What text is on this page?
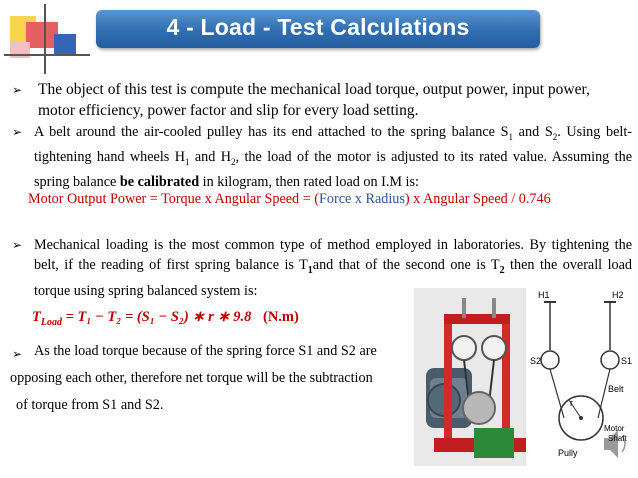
4 - Load - Test Calculations
➢ The object of this test is compute the mechanical load torque, output power, input power, motor efficiency, power factor and slip for every load setting.
➢ A belt around the air-cooled pulley has its end attached to the spring balance $S_1$ and $S_2$. Using belt-tightening hand wheels $H_1$ and $H_2$, the load of the motor is adjusted to its rated value. Assuming the spring balance be calibrated in kilogram, then rated load on I.M is:
Motor Output Power = Torque x Angular Speed = (Force x Radius) x Angular Speed / 0.746
➢ Mechanical loading is the most common type of method employed in laboratories. By tightening the belt, if the reading of first spring balance is $T_1and$ that of the second one is $T_2$ then the overall load torque using spring balanced system is:
$T_{Load} = T_1 - T_2 = (S_1 - S_2)$ ∗ r ∗ 9.8 (N.m)
➢ As the load torque because of the spring force S1 and S2 are
opposing each other, therefore net torque will be the subtraction
of torque from S1 and S2.
H1	H2
S2	S1
Belt
r
Motor
Shaft
Pully
